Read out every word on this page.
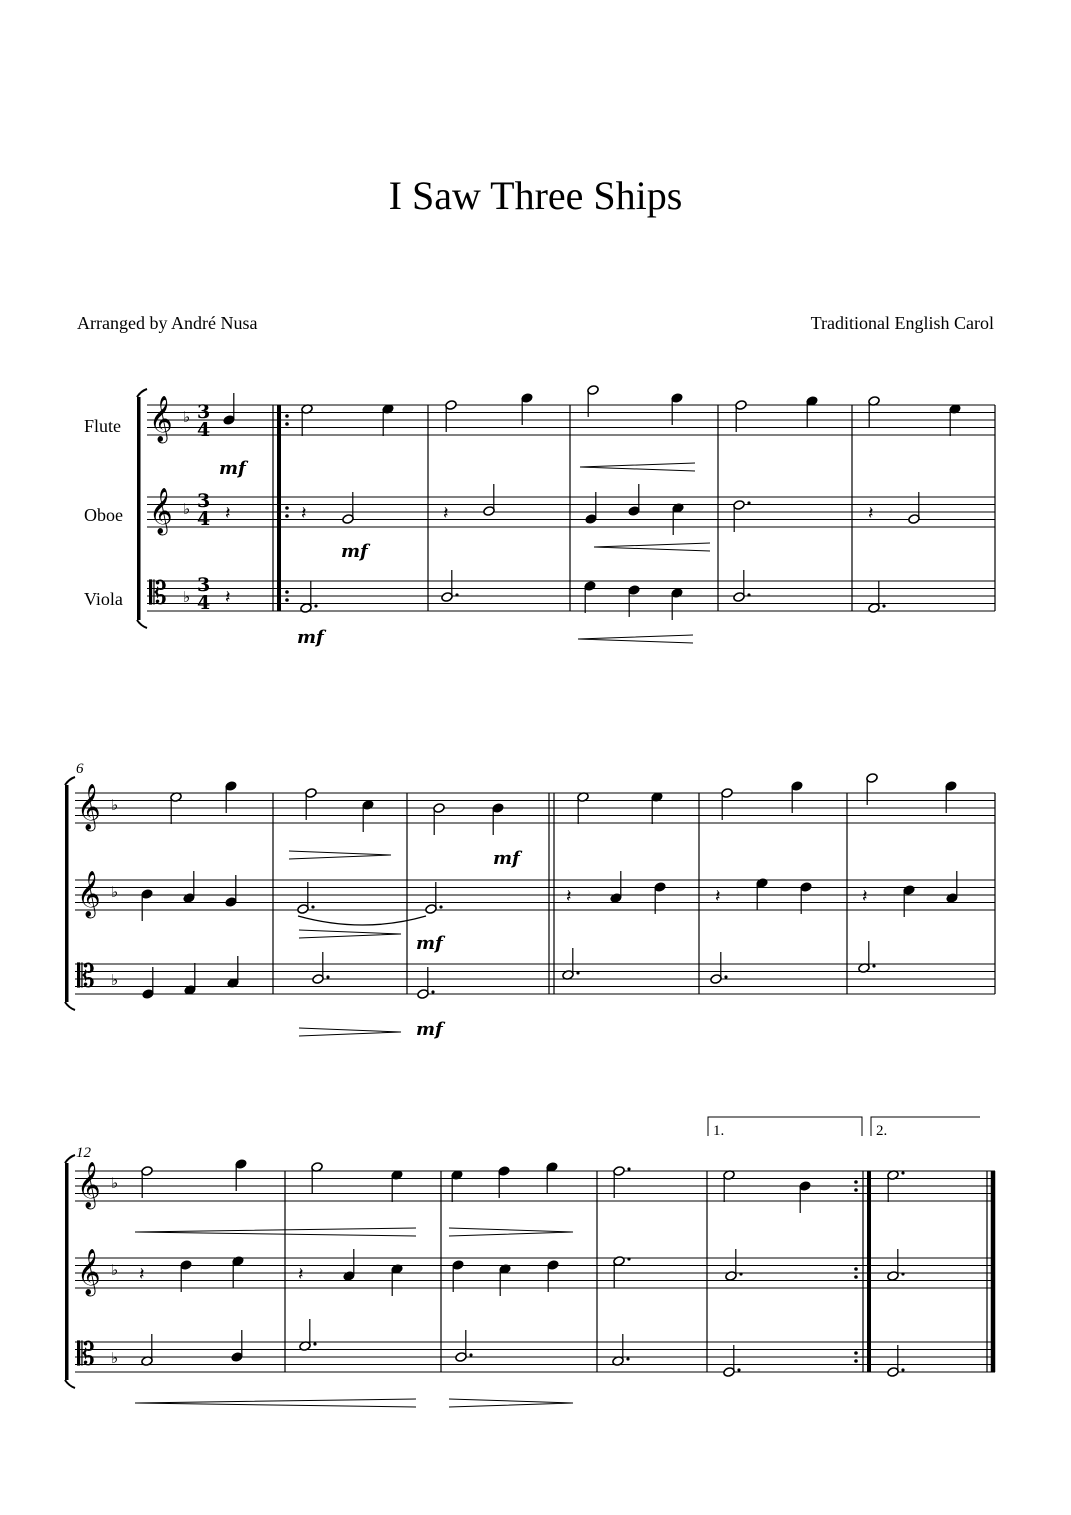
I Saw Three Ships
Arranged by André Nusa	Traditional English Carol
Flute
Oboe
Viola
6
12
1.	2.
mf
mf
mf
mf
mf
mf
3
4
3
4
3
4
𝄞
𝄞
𝄡
♭
♭
♭
𝄽	𝄽	𝄽	𝄽
𝄽
𝄞
𝄞
𝄡
♭
♭
♭
𝄽	𝄽	𝄽
𝄞
𝄞
𝄡
♭
♭
♭
𝄽	𝄽
